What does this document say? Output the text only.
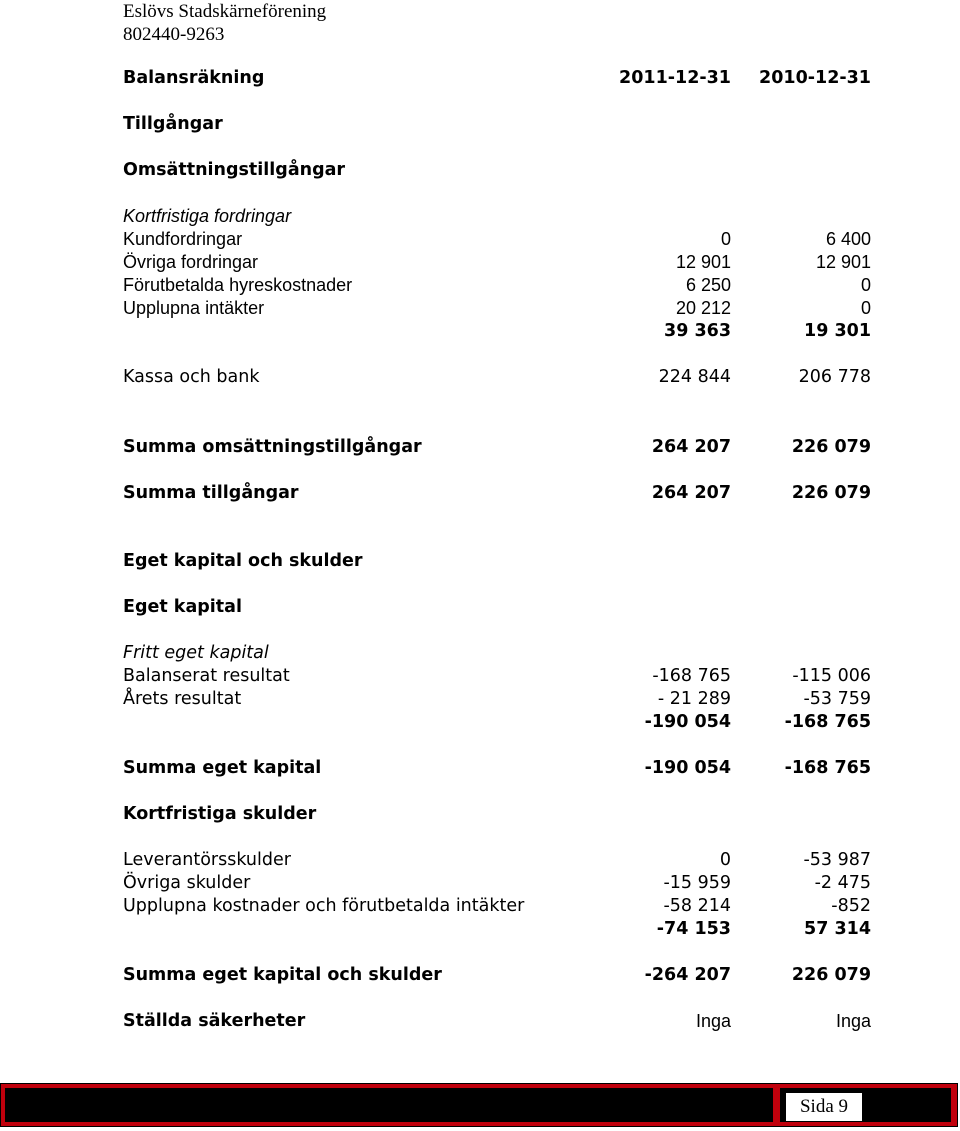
Eslövs Stadskärneförening
802440-9263
Balansräkning	2011-12-31 2010-12-31
Tillgångar
Omsättningstillgångar
Kortfristiga fordringar
Kundfordringar	0	6 400
Övriga fordringar	12 901	12 901
Förutbetalda hyreskostnader	6 250	0
Upplupna intäkter	20 212	0
39 363	19 301
Kassa och bank	224 844	206 778
Summa omsättningstillgångar	264 207	226 079
Summa tillgångar	264 207	226 079
Eget kapital och skulder
Eget kapital
Fritt eget kapital
Balanserat resultat	-168 765	-115 006
Årets resultat	- 21 289	-53 759
-190 054	-168 765
Summa eget kapital	-190 054	-168 765
Kortfristiga skulder
Leverantörsskulder	0	-53 987
Övriga skulder	-15 959	-2 475
Upplupna kostnader och förutbetalda intäkter	-58 214	-852
-74 153	57 314
Summa eget kapital och skulder	-264 207	226 079
Ställda säkerheter	Inga	Inga
Sida 9
